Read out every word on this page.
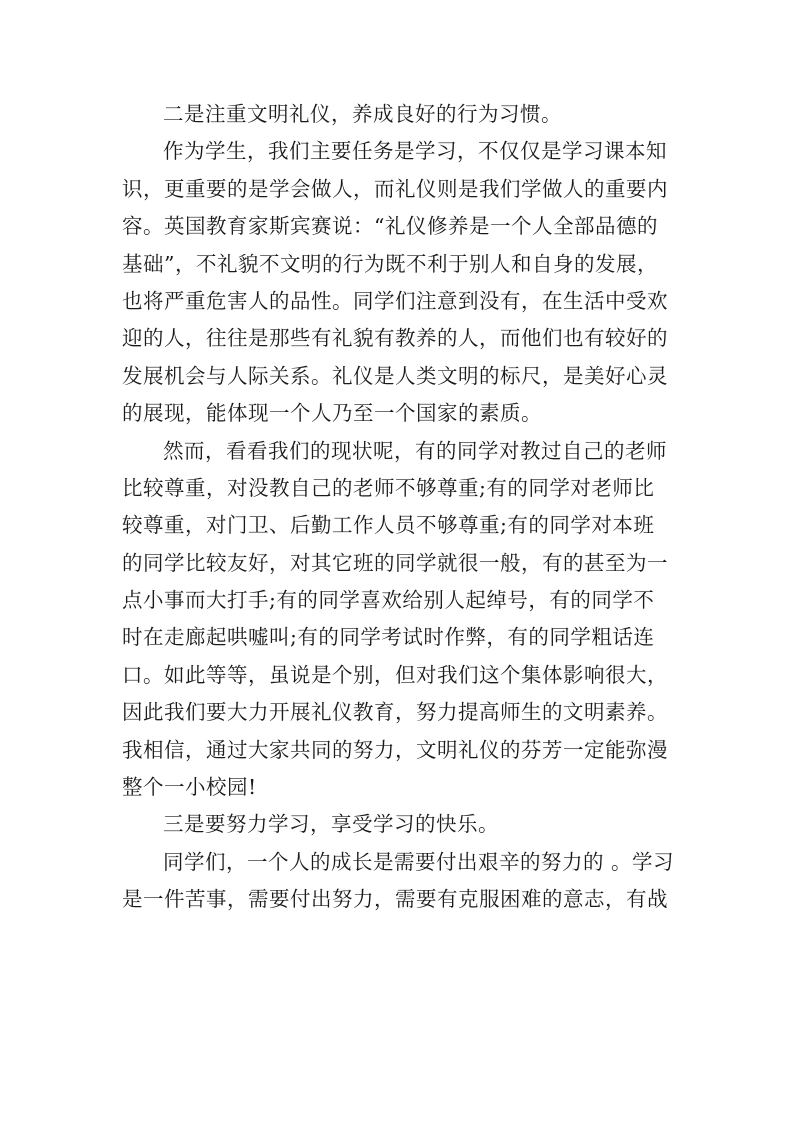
二是注重文明礼仪，养成良好的行为习惯。
作为学生，我们主要任务是学习，不仅仅是学习课本知
识，更重要的是学会做人，而礼仪则是我们学做人的重要内
容。英国教育家斯宾赛说：“礼仪修养是一个人全部品德的
基础”，不礼貌不文明的行为既不利于别人和自身的发展，
也将严重危害人的品性。同学们注意到没有，在生活中受欢
迎的人，往往是那些有礼貌有教养的人，而他们也有较好的
发展机会与人际关系。礼仪是人类文明的标尺，是美好心灵
的展现，能体现一个人乃至一个国家的素质。
然而，看看我们的现状呢，有的同学对教过自己的老师
比较尊重，对没教自己的老师不够尊重;有的同学对老师比
较尊重，对门卫、后勤工作人员不够尊重;有的同学对本班
的同学比较友好，对其它班的同学就很一般，有的甚至为一
点小事而大打手;有的同学喜欢给别人起绰号，有的同学不
时在走廊起哄嘘叫;有的同学考试时作弊，有的同学粗话连
口。如此等等，虽说是个别，但对我们这个集体影响很大，
因此我们要大力开展礼仪教育，努力提高师生的文明素养。
我相信，通过大家共同的努力，文明礼仪的芬芳一定能弥漫
整个一小校园!
三是要努力学习，享受学习的快乐。
同学们，一个人的成长是需要付出艰辛的努力的 。学习
是一件苦事，需要付出努力，需要有克服困难的意志，有战
